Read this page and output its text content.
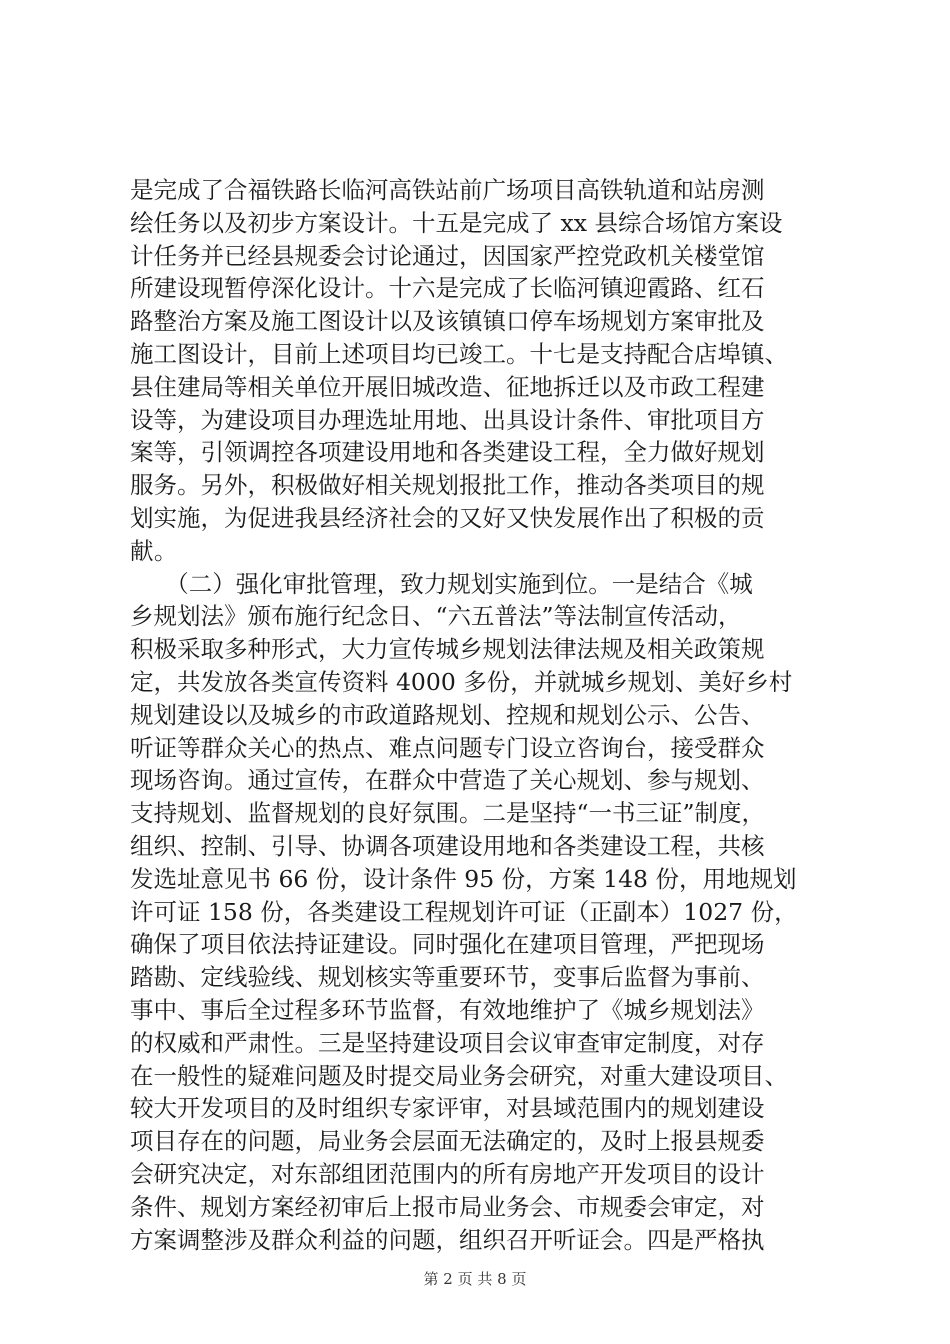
是完成了合福铁路长临河高铁站前广场项目高铁轨道和站房测
绘任务以及初步方案设计。十五是完成了 xx 县综合场馆方案设
计任务并已经县规委会讨论通过，因国家严控党政机关楼堂馆
所建设现暂停深化设计。十六是完成了长临河镇迎霞路、红石
路整治方案及施工图设计以及该镇镇口停车场规划方案审批及
施工图设计，目前上述项目均已竣工。十七是支持配合店埠镇、
县住建局等相关单位开展旧城改造、征地拆迁以及市政工程建
设等，为建设项目办理选址用地、出具设计条件、审批项目方
案等，引领调控各项建设用地和各类建设工程，全力做好规划
服务。另外，积极做好相关规划报批工作，推动各类项目的规
划实施，为促进我县经济社会的又好又快发展作出了积极的贡
献。
　　（二）强化审批管理，致力规划实施到位。一是结合《城
乡规划法》颁布施行纪念日、“六五普法”等法制宣传活动，
积极采取多种形式，大力宣传城乡规划法律法规及相关政策规
定，共发放各类宣传资料 4000 多份，并就城乡规划、美好乡村
规划建设以及城乡的市政道路规划、控规和规划公示、公告、
听证等群众关心的热点、难点问题专门设立咨询台，接受群众
现场咨询。通过宣传，在群众中营造了关心规划、参与规划、
支持规划、监督规划的良好氛围。二是坚持“一书三证”制度，
组织、控制、引导、协调各项建设用地和各类建设工程，共核
发选址意见书 66 份，设计条件 95 份，方案 148 份，用地规划
许可证 158 份，各类建设工程规划许可证（正副本）1027 份，
确保了项目依法持证建设。同时强化在建项目管理，严把现场
踏勘、定线验线、规划核实等重要环节，变事后监督为事前、
事中、事后全过程多环节监督，有效地维护了《城乡规划法》
的权威和严肃性。三是坚持建设项目会议审查审定制度，对存
在一般性的疑难问题及时提交局业务会研究，对重大建设项目、
较大开发项目的及时组织专家评审，对县域范围内的规划建设
项目存在的问题，局业务会层面无法确定的，及时上报县规委
会研究决定，对东部组团范围内的所有房地产开发项目的设计
条件、规划方案经初审后上报市局业务会、市规委会审定，对
方案调整涉及群众利益的问题，组织召开听证会。四是严格执
第 2 页 共 8 页
